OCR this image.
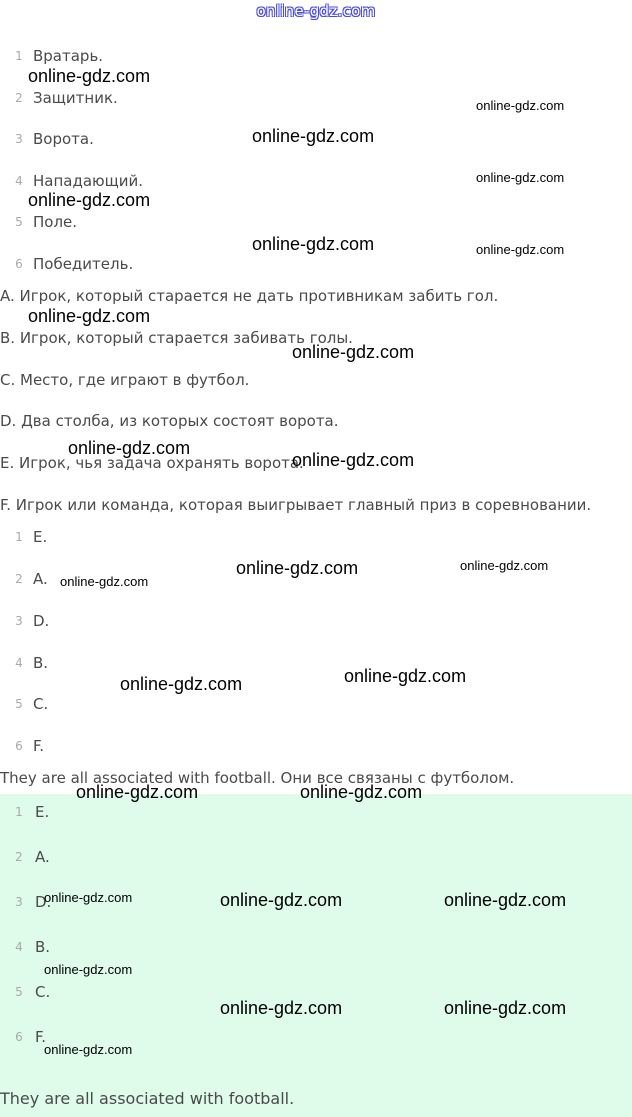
online-gdz.com
1 Вратарь.
2 Защитник.
3 Ворота.
4 Нападающий.
5 Поле.
6 Победитель.
A. Игрок, который старается не дать противникам забить гол.
B. Игрок, который старается забивать голы.
C. Место, где играют в футбол.
D. Два столба, из которых состоят ворота.
E. Игрок, чья задача охранять ворота.
F. Игрок или команда, которая выигрывает главный приз в соревновании.
1 E.
2 A.
3 D.
4 B.
5 C.
6 F.
They are all associated with football. Они все связаны с футболом.
1 E.
2 A.
3 D.
4 B.
5 C.
6 F.
They are all associated with football.
online-gdz.com
online-gdz.com
online-gdz.com
online-gdz.com
online-gdz.com
online-gdz.com	online-gdz.com
online-gdz.com
online-gdz.com
online-gdz.com
online-gdz.com
online-gdz.com	online-gdz.com
online-gdz.com
online-gdz.com
online-gdz.com
online-gdz.com	online-gdz.com
online-gdz.com	online-gdz.com	online-gdz.com
online-gdz.com
online-gdz.com	online-gdz.com
online-gdz.com
